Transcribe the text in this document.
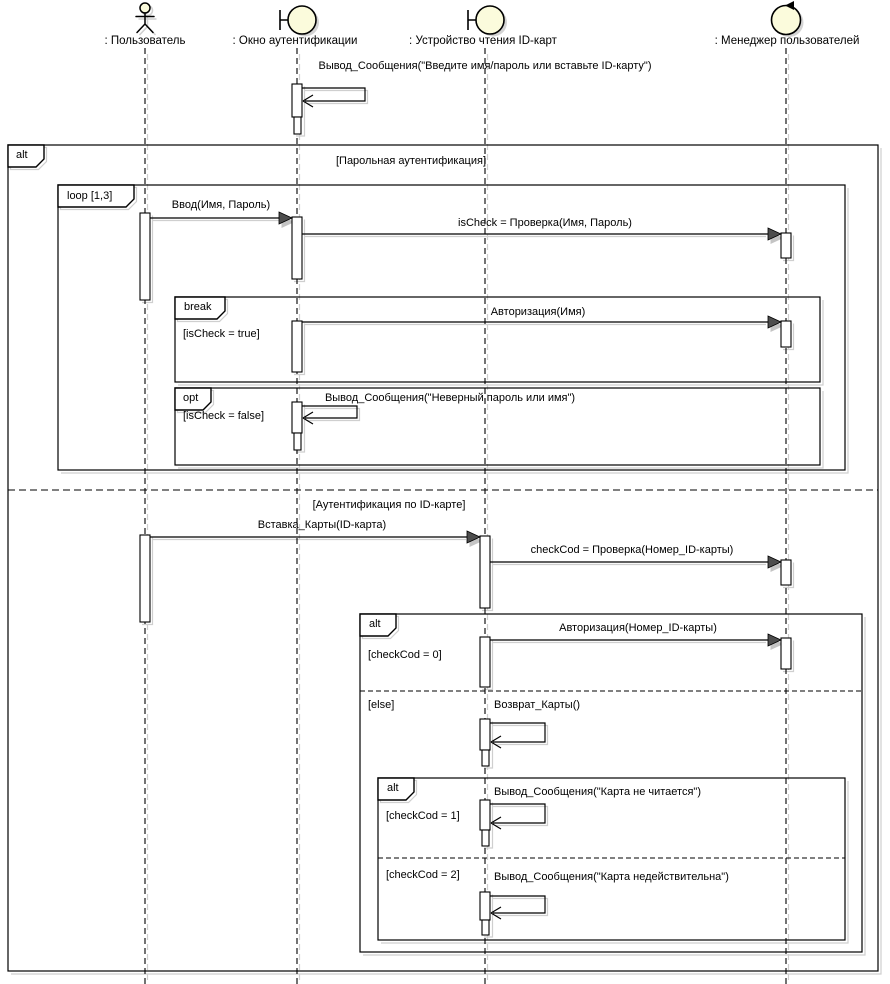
: Пользователь	: Окно аутентификации	: Устройство чтения ID-карт	: Менеджер пользователей
Вывод_Сообщения("Введите имя/пароль или вставьте ID-карту")
alt	[Парольная аутентификация]
loop [1,3]
Ввод(Имя, Пароль)
isCheck = Проверка(Имя, Пароль)
break
[isCheck = true]
Авторизация(Имя)
opt
[isCheck = false]
Вывод_Сообщения("Неверный пароль или имя")
[Аутентификация по ID-карте]
Вставка_Карты(ID-карта)
checkCod = Проверка(Номер_ID-карты)
alt	Авторизация(Номер_ID-карты)
[checkCod = 0]
[else]	Возврат_Карты()
alt	Вывод_Сообщения("Карта не читается")
[checkCod = 1]
[checkCod = 2]	Вывод_Сообщения("Карта недействительна")
